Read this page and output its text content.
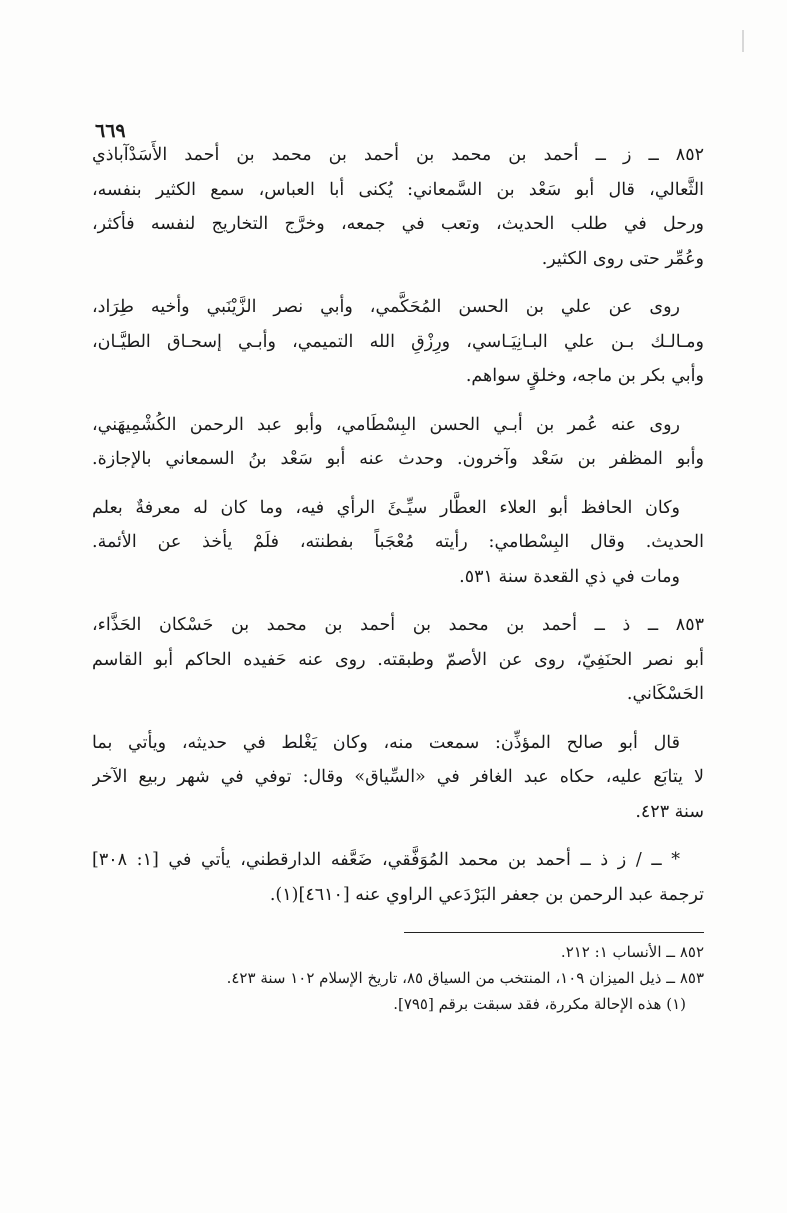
٦٦٩
٨٥٢ ــ ز ــ أحمد بن محمد بن أحمد بن محمد بن أحمد الأَسَدْآباذي
الثَّعالي، قال أبو سَعْد بن السَّمعاني: يُكنى أبا العباس، سمع الكثير بنفسه،
ورحل في طلب الحديث، وتعب في جمعه، وخرَّج التخاريج لنفسه فأكثر،
وعُمِّر حتى روى الكثير.
روى عن علي بن الحسن المُحَكَّمي، وأبي نصر الزَّيْنَبي وأخيه طِرَاد،
ومـالـك بـن علي البـانِيَـاسي، ورِزْقِ الله التميمي، وأبـي إسحـاق الطيَّـان،
وأبي بكر بن ماجه، وخلقٍ سواهم.
روى عنه عُمر بن أبـي الحسن البِسْطَامي، وأبو عبد الرحمن الكُشْمِيهَني،
وأبو المظفر بن سَعْد وآخرون. وحدث عنه أبو سَعْد بنُ السمعاني بالإجازة.
وكان الحافظ أبو العلاء العطَّار سيِّـئَ الرأي فيه، وما كان له معرفةٌ بعلم
الحديث. وقال البِسْطامي: رأيته مُعْجَباً بفطنته، فلَمْ يأخذ عن الأئمة.
ومات في ذي القعدة سنة ٥٣١.
٨٥٣ ــ ذ ــ أحمد بن محمد بن أحمد بن محمد بن حَسْكان الحَذَّاء،
أبو نصر الحنَفِيّ، روى عن الأصمّ وطبقته. روى عنه حَفيده الحاكم أبو القاسم
الحَسْكَاني.
قال أبو صالح المؤذِّن: سمعت منه، وكان يَغْلط في حديثه، ويأتي بما
لا يتابَع عليه، حكاه عبد الغافر في «السِّياق» وقال: توفي في شهر ربيع الآخر
سنة ٤٢٣.
* ــ / ز ذ ــ أحمد بن محمد المُوَفَّقي، ضَعَّفه الدارقطني، يأتي في [١: ٣٠٨]
ترجمة عبد الرحمن بن جعفر البَرْدَعي الراوي عنه [٤٦١٠](١).
٨٥٢ ــ الأنساب ١: ٢١٢.
٨٥٣ ــ ذيل الميزان ١٠٩، المنتخب من السياق ٨٥، تاريخ الإسلام ١٠٢ سنة ٤٢٣.
(١) هذه الإحالة مكررة، فقد سبقت برقم [٧٩٥].
